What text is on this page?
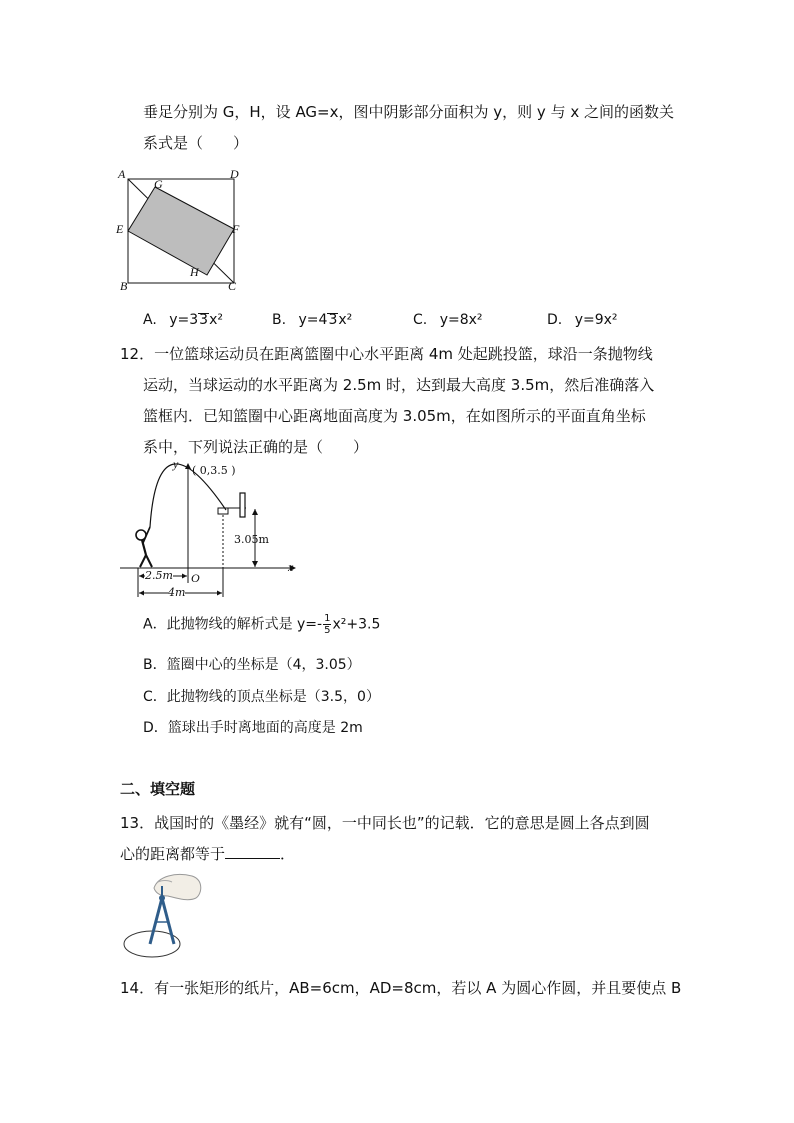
垂足分别为 G，H，设 AG=x，图中阴影部分面积为 y，则 y 与 x 之间的函数关
系式是（　　）
A	D
G
E	F
H
B	C
A. y=33x²	B. y=43x²	C. y=8x²	D. y=9x²
12．一位篮球运动员在距离篮圈中心水平距离 4m 处起跳投篮，球沿一条抛物线
运动，当球运动的水平距离为 2.5m 时，达到最大高度 3.5m，然后准确落入
篮框内．已知篮圈中心距离地面高度为 3.05m，在如图所示的平面直角坐标
系中，下列说法正确的是（　　）
y ( 0,3.5 )
3.05m
x
O
2.5m
4m
A．此抛物线的解析式是 $y=- \frac{1}{5} x^2+3.5$
B．篮圈中心的坐标是（4，3.05）
C．此抛物线的顶点坐标是（3.5，0）
D．篮球出手时离地面的高度是 2m
二、填空题
13．战国时的《墨经》就有“圆，一中同长也”的记载．它的意思是圆上各点到圆
心的距离都等于	．
14．有一张矩形的纸片，AB=6cm，AD=8cm，若以 A 为圆心作圆，并且要使点 B
